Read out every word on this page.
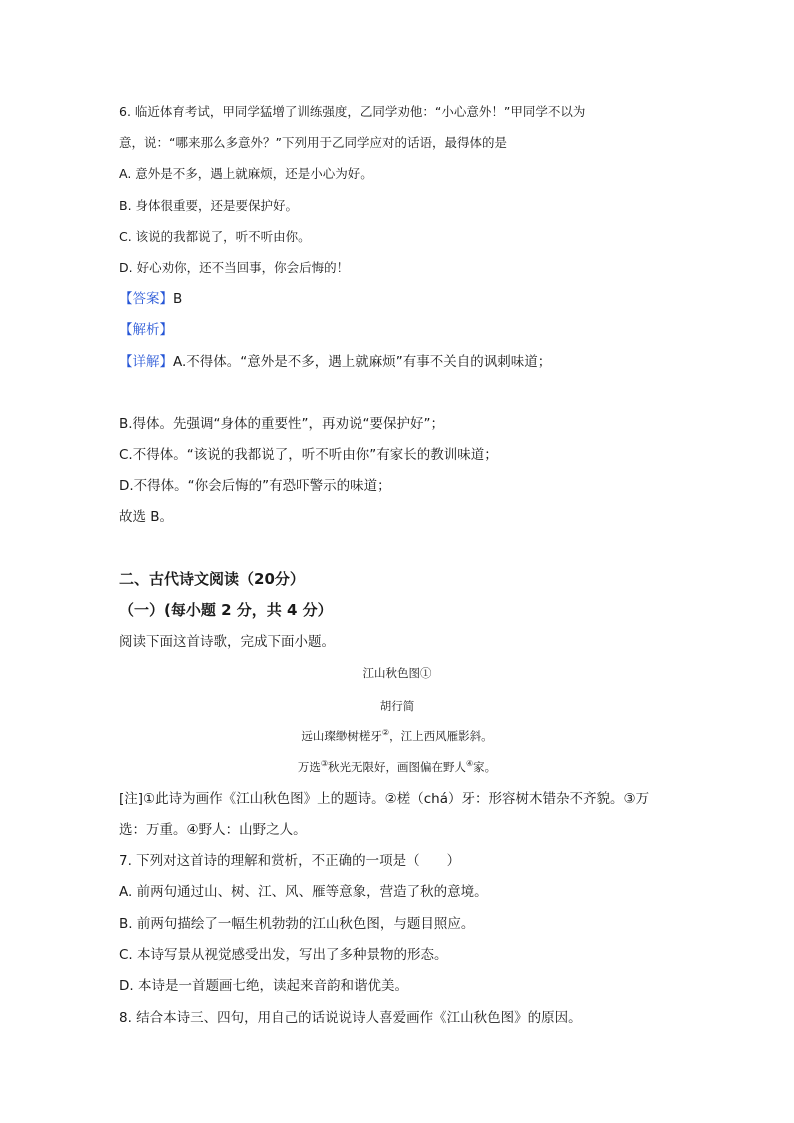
6. 临近体育考试，甲同学猛增了训练强度，乙同学劝他：“小心意外！”甲同学不以为
意，说：“哪来那么多意外？”下列用于乙同学应对的话语，最得体的是
A. 意外是不多，遇上就麻烦，还是小心为好。
B. 身体很重要，还是要保护好。
C. 该说的我都说了，听不听由你。
D. 好心劝你，还不当回事，你会后悔的！
【答案】B
【解析】
【详解】A.不得体。“意外是不多，遇上就麻烦”有事不关自的讽刺味道；
B.得体。先强调“身体的重要性”，再劝说“要保护好”；
C.不得体。“该说的我都说了，听不听由你”有家长的教训味道；
D.不得体。“你会后悔的”有恐吓警示的味道；
故选 B。
二、古代诗文阅读（20分）
（一）(每小题 2 分，共 4 分）
阅读下面这首诗歌，完成下面小题。
江山秋色图①
胡行简
远山璨缈树槎牙②，江上西风雁影斜。
万选③秋光无限好，画图偏在野人④家。
[注]①此诗为画作《江山秋色图》上的题诗。②槎（chá）牙：形容树木错杂不齐貌。③万
选：万重。④野人：山野之人。
7. 下列对这首诗的理解和赏析，不正确的一项是（　　）
A. 前两句通过山、树、江、风、雁等意象，营造了秋的意境。
B. 前两句描绘了一幅生机勃勃的江山秋色图，与题目照应。
C. 本诗写景从视觉感受出发，写出了多种景物的形态。
D. 本诗是一首题画七绝，读起来音韵和谐优美。
8. 结合本诗三、四句，用自己的话说说诗人喜爱画作《江山秋色图》的原因。
